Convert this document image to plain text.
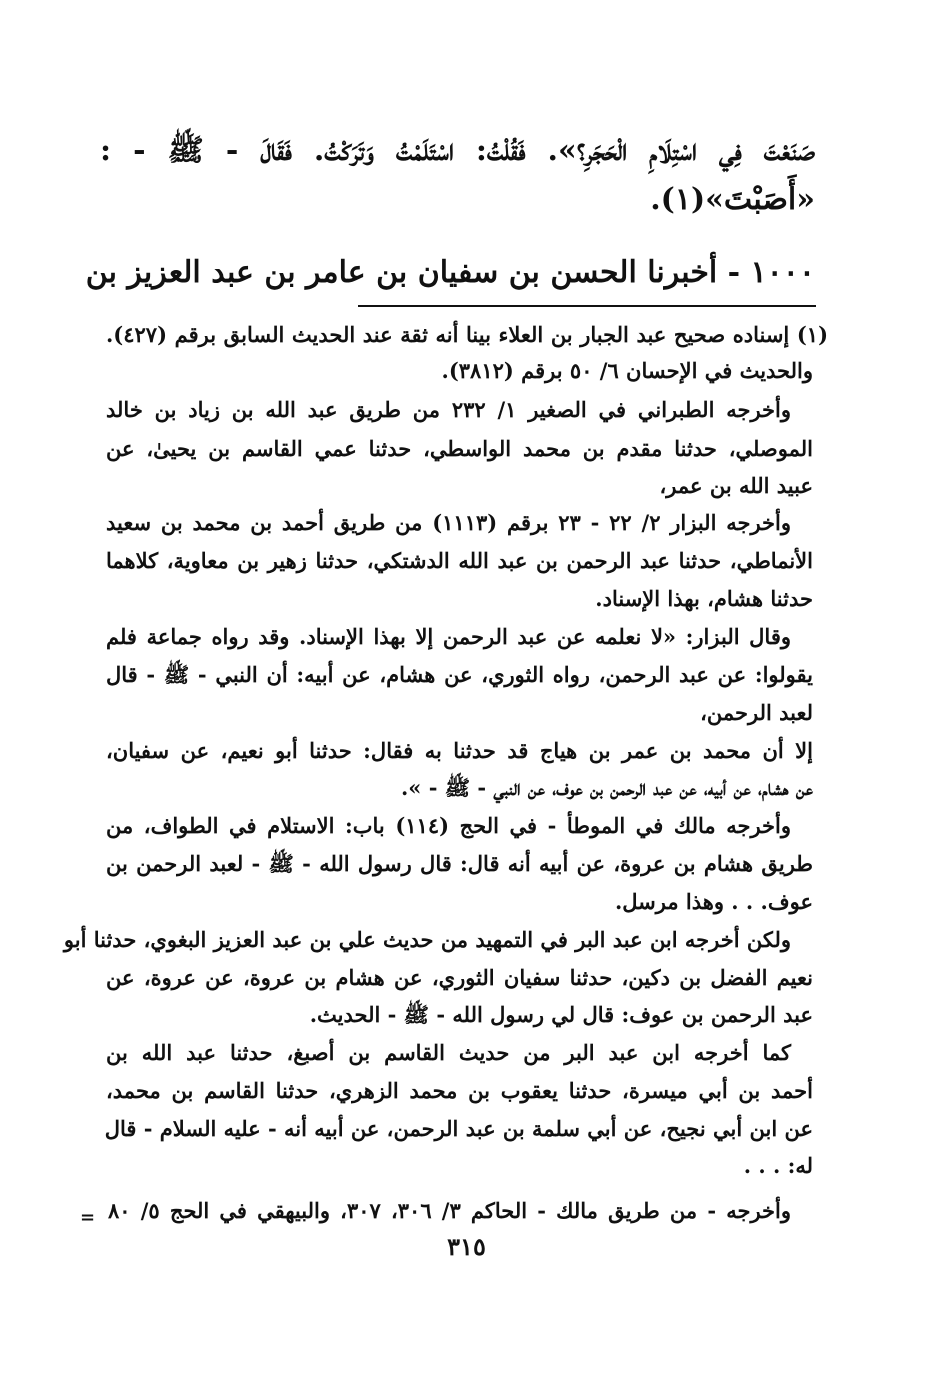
صَنَعْتَ فِي اسْتِلَامِ الْحَجَرِ؟». فَقُلْتُ: اسْتَلَمْتُ وَتَرَكْتُ. فَقَالَ - ﷺ - :
«أَصَبْتَ»(١).
١٠٠٠ - أخبرنا الحسن بن سفيان بن عامر بن عبد العزيز بن
(١) إسناده صحيح عبد الجبار بن العلاء بينا أنه ثقة عند الحديث السابق برقم (٤٢٧).
والحديث في الإحسان ٦/ ٥٠ برقم (٣٨١٢).
وأخرجه الطبراني في الصغير ١/ ٢٣٢ من طريق عبد الله بن زياد بن خالد
الموصلي، حدثنا مقدم بن محمد الواسطي، حدثنا عمي القاسم بن يحيىٰ، عن
عبيد الله بن عمر،
وأخرجه البزار ٢/ ٢٢ - ٢٣ برقم (١١١٣) من طريق أحمد بن محمد بن سعيد
الأنماطي، حدثنا عبد الرحمن بن عبد الله الدشتكي، حدثنا زهير بن معاوية، كلاهما
حدثنا هشام، بهذا الإسناد.
وقال البزار: «لا نعلمه عن عبد الرحمن إلا بهذا الإسناد. وقد رواه جماعة فلم
يقولوا: عن عبد الرحمن، رواه الثوري، عن هشام، عن أبيه: أن النبي - ﷺ - قال
لعبد الرحمن،
إلا أن محمد بن عمر بن هياج قد حدثنا به فقال: حدثنا أبو نعيم، عن سفيان،
عن هشام، عن أبيه، عن عبد الرحمن بن عوف، عن النبي - ﷺ - ».
وأخرجه مالك في الموطأ - في الحج (١١٤) باب: الاستلام في الطواف، من
طريق هشام بن عروة، عن أبيه أنه قال: قال رسول الله - ﷺ - لعبد الرحمن بن
عوف. . . وهذا مرسل.
ولكن أخرجه ابن عبد البر في التمهيد من حديث علي بن عبد العزيز البغوي، حدثنا أبو
نعيم الفضل بن دكين، حدثنا سفيان الثوري، عن هشام بن عروة، عن عروة، عن
عبد الرحمن بن عوف: قال لي رسول الله - ﷺ - الحديث.
كما أخرجه ابن عبد البر من حديث القاسم بن أصبغ، حدثنا عبد الله بن
أحمد بن أبي ميسرة، حدثنا يعقوب بن محمد الزهري، حدثنا القاسم بن محمد،
عن ابن أبي نجيح، عن أبي سلمة بن عبد الرحمن، عن أبيه أنه - عليه السلام - قال
له: . . .
وأخرجه - من طريق مالك - الحاكم ٣/ ٣٠٦، ٣٠٧، والبيهقي في الحج ٥/ ٨٠
=
٣١٥
